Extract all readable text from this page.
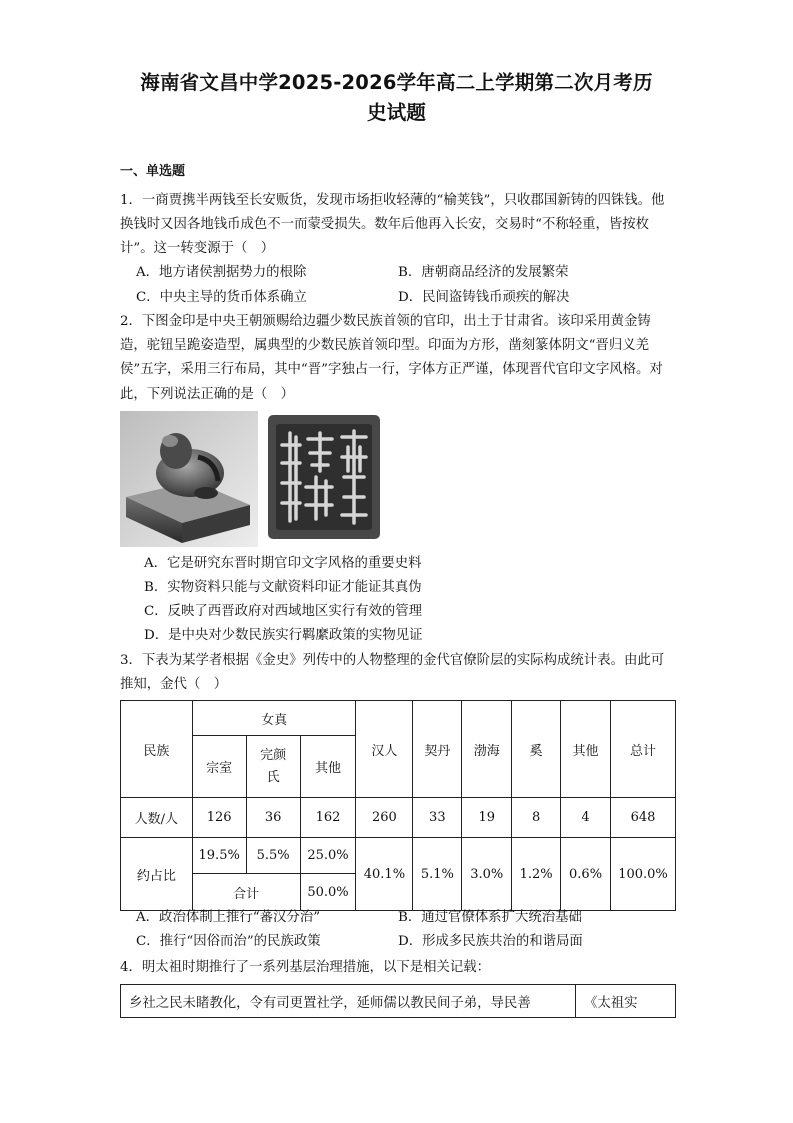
海南省文昌中学2025-2026学年高二上学期第二次月考历
史试题
一、单选题
1．一商贾携半两钱至长安贩货，发现市场拒收轻薄的“榆荚钱”，只收郡国新铸的四铢钱。他换钱时又因各地钱币成色不一而蒙受损失。数年后他再入长安，交易时“不称轻重，皆按枚计”。这一转变源于（　）
A．地方诸侯割据势力的根除	B．唐朝商品经济的发展繁荣
C．中央主导的货币体系确立	D．民间盗铸钱币顽疾的解决
2．下图金印是中央王朝颁赐给边疆少数民族首领的官印，出土于甘肃省。该印采用黄金铸造，驼钮呈跪姿造型，属典型的少数民族首领印型。印面为方形，凿刻篆体阴文“晋归义羌侯”五字，采用三行布局，其中“晋”字独占一行，字体方正严谨，体现晋代官印文字风格。对此，下列说法正确的是（　）
A．它是研究东晋时期官印文字风格的重要史料
B．实物资料只能与文献资料印证才能证其真伪
C．反映了西晋政府对西域地区实行有效的管理
D．是中央对少数民族实行羁縻政策的实物见证
3．下表为某学者根据《金史》列传中的人物整理的金代官僚阶层的实际构成统计表。由此可推知，金代（　）
民族	女真			汉人	契丹	渤海	奚	其他	总计
	宗室	完颜氏	其他						
人数/人	126	36	162	260	33	19	8	4	648
约占比	19.5%	5.5%	25.0%	40.1%	5.1%	3.0%	1.2%	0.6%	100.0%
	合计		50.0%						
A．政治体制上推行“蕃汉分治”	B．通过官僚体系扩大统治基础
C．推行“因俗而治”的民族政策	D．形成多民族共治的和谐局面
4．明太祖时期推行了一系列基层治理措施，以下是相关记载：
乡社之民未睹教化，令有司更置社学，延师儒以教民间子弟，导民善	《太祖实
